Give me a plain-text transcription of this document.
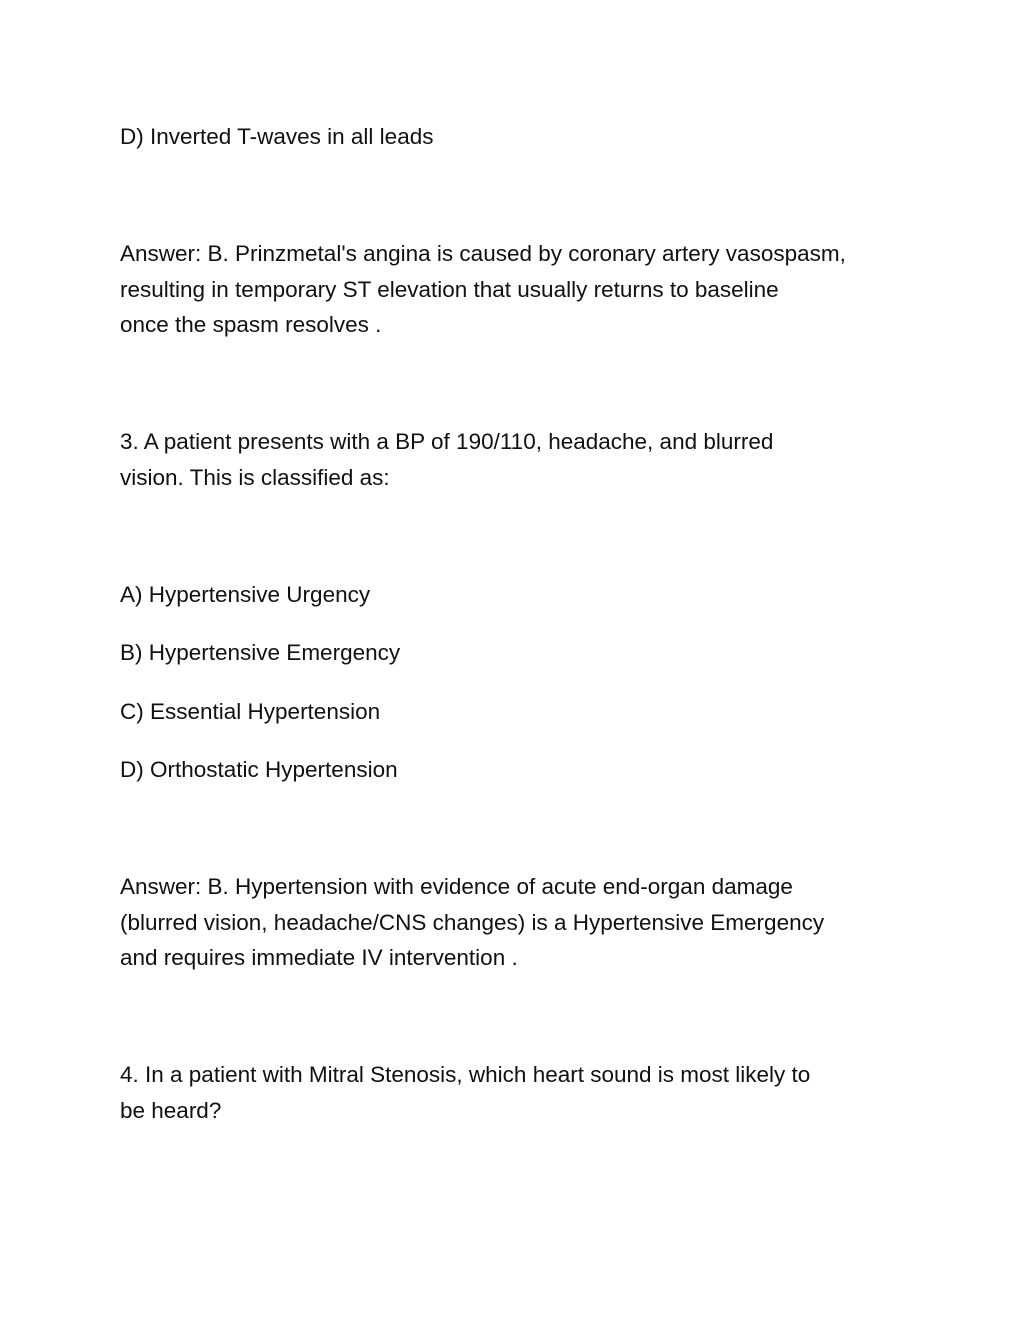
D) Inverted T-waves in all leads
Answer: B. Prinzmetal's angina is caused by coronary artery vasospasm,
resulting in temporary ST elevation that usually returns to baseline
once the spasm resolves .
3. A patient presents with a BP of 190/110, headache, and blurred
vision. This is classified as:
A) Hypertensive Urgency
B) Hypertensive Emergency
C) Essential Hypertension
D) Orthostatic Hypertension
Answer: B. Hypertension with evidence of acute end-organ damage
(blurred vision, headache/CNS changes) is a Hypertensive Emergency
and requires immediate IV intervention .
4. In a patient with Mitral Stenosis, which heart sound is most likely to
be heard?
